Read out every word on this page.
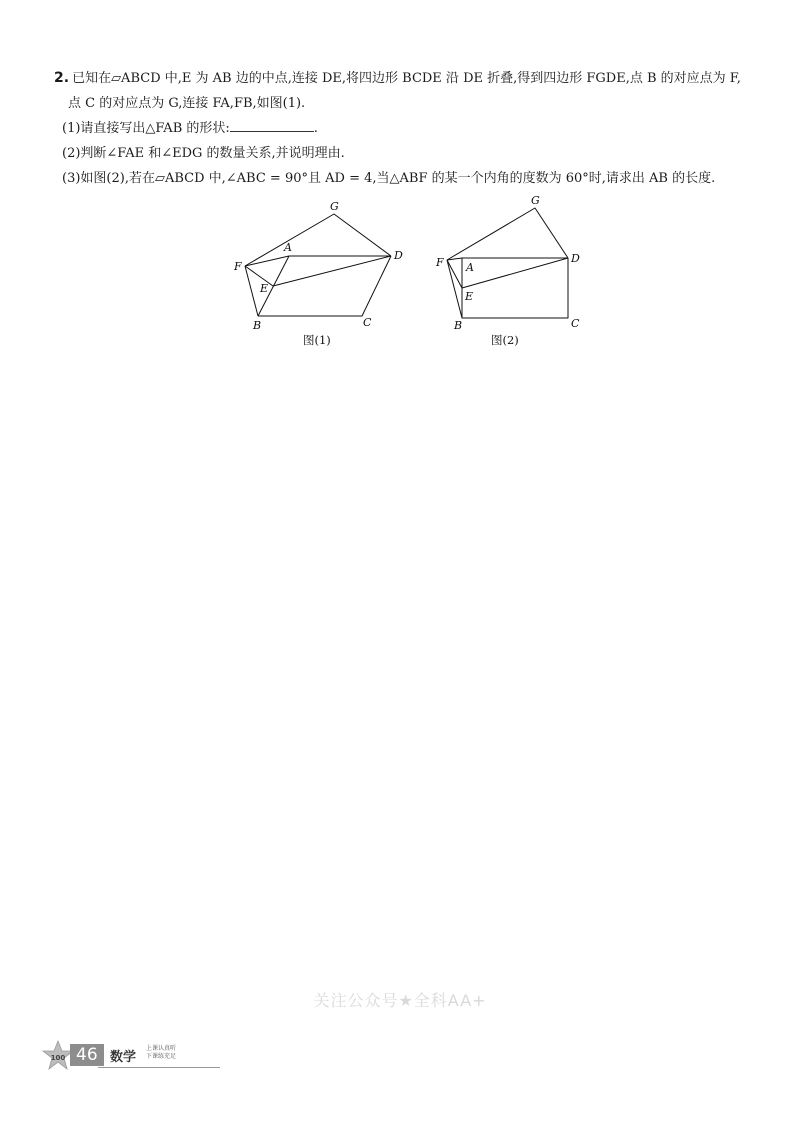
2. 已知在▱ABCD 中,E 为 AB 边的中点,连接 DE,将四边形 BCDE 沿 DE 折叠,得到四边形 FGDE,点 B 的对应点为 F,
点 C 的对应点为 G,连接 FA,FB,如图(1).
(1)请直接写出△FAB 的形状:	.
(2)判断∠FAE 和∠EDG 的数量关系,并说明理由.
(3)如图(2),若在▱ABCD 中,∠ABC = 90°且 AD = 4,当△ABF 的某一个内角的度数为 60°时,请求出 AB 的长度.
G
A
D
F
E
B	C
图(1)
G
F A
D
E
B	C
图(2)
关注公众号★全科AA+
100 46 数学
上课认真听
下课练充足
